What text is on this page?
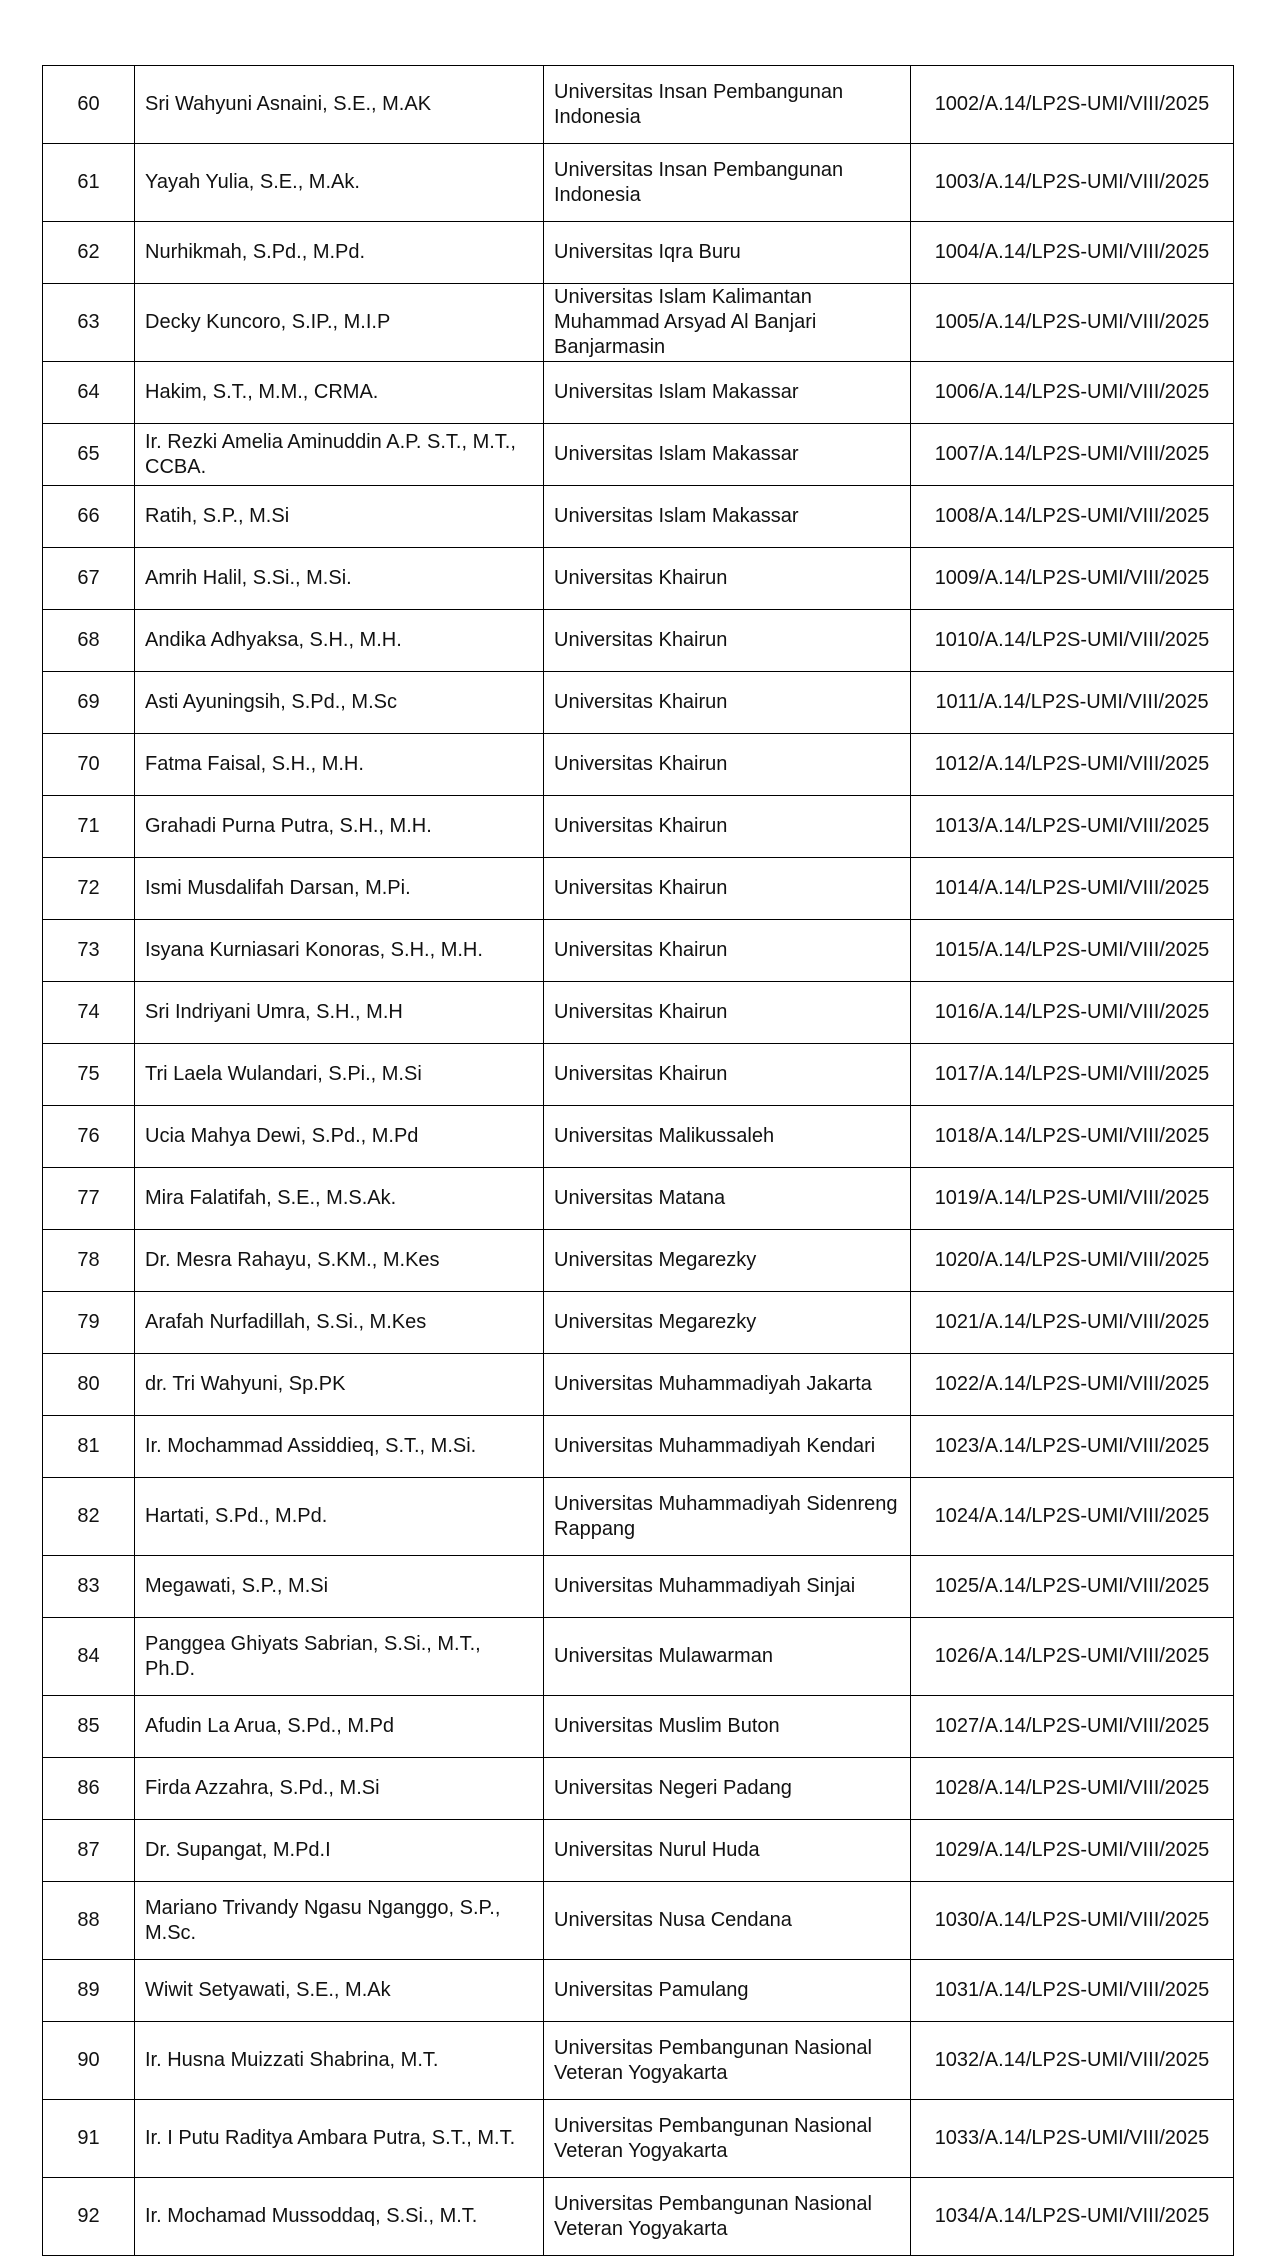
60	Sri Wahyuni Asnaini, S.E., M.AK	Universitas Insan Pembangunan Indonesia	1002/A.14/LP2S-UMI/VIII/2025
61	Yayah Yulia, S.E., M.Ak.	Universitas Insan Pembangunan Indonesia	1003/A.14/LP2S-UMI/VIII/2025
62	Nurhikmah, S.Pd., M.Pd.	Universitas Iqra Buru	1004/A.14/LP2S-UMI/VIII/2025
63	Decky Kuncoro, S.IP., M.I.P	Universitas Islam Kalimantan Muhammad Arsyad Al Banjari Banjarmasin	1005/A.14/LP2S-UMI/VIII/2025
64	Hakim, S.T., M.M., CRMA.	Universitas Islam Makassar	1006/A.14/LP2S-UMI/VIII/2025
65	Ir. Rezki Amelia Aminuddin A.P. S.T., M.T., CCBA.	Universitas Islam Makassar	1007/A.14/LP2S-UMI/VIII/2025
66	Ratih, S.P., M.Si	Universitas Islam Makassar	1008/A.14/LP2S-UMI/VIII/2025
67	Amrih Halil, S.Si., M.Si.	Universitas Khairun	1009/A.14/LP2S-UMI/VIII/2025
68	Andika Adhyaksa, S.H., M.H.	Universitas Khairun	1010/A.14/LP2S-UMI/VIII/2025
69	Asti Ayuningsih, S.Pd., M.Sc	Universitas Khairun	1011/A.14/LP2S-UMI/VIII/2025
70	Fatma Faisal, S.H., M.H.	Universitas Khairun	1012/A.14/LP2S-UMI/VIII/2025
71	Grahadi Purna Putra, S.H., M.H.	Universitas Khairun	1013/A.14/LP2S-UMI/VIII/2025
72	Ismi Musdalifah Darsan, M.Pi.	Universitas Khairun	1014/A.14/LP2S-UMI/VIII/2025
73	Isyana Kurniasari Konoras, S.H., M.H.	Universitas Khairun	1015/A.14/LP2S-UMI/VIII/2025
74	Sri Indriyani Umra, S.H., M.H	Universitas Khairun	1016/A.14/LP2S-UMI/VIII/2025
75	Tri Laela Wulandari, S.Pi., M.Si	Universitas Khairun	1017/A.14/LP2S-UMI/VIII/2025
76	Ucia Mahya Dewi, S.Pd., M.Pd	Universitas Malikussaleh	1018/A.14/LP2S-UMI/VIII/2025
77	Mira Falatifah, S.E., M.S.Ak.	Universitas Matana	1019/A.14/LP2S-UMI/VIII/2025
78	Dr. Mesra Rahayu, S.KM., M.Kes	Universitas Megarezky	1020/A.14/LP2S-UMI/VIII/2025
79	Arafah Nurfadillah, S.Si., M.Kes	Universitas Megarezky	1021/A.14/LP2S-UMI/VIII/2025
80	dr. Tri Wahyuni, Sp.PK	Universitas Muhammadiyah Jakarta	1022/A.14/LP2S-UMI/VIII/2025
81	Ir. Mochammad Assiddieq, S.T., M.Si.	Universitas Muhammadiyah Kendari	1023/A.14/LP2S-UMI/VIII/2025
82	Hartati, S.Pd., M.Pd.	Universitas Muhammadiyah Sidenreng Rappang	1024/A.14/LP2S-UMI/VIII/2025
83	Megawati, S.P., M.Si	Universitas Muhammadiyah Sinjai	1025/A.14/LP2S-UMI/VIII/2025
84	Panggea Ghiyats Sabrian, S.Si., M.T., Ph.D.	Universitas Mulawarman	1026/A.14/LP2S-UMI/VIII/2025
85	Afudin La Arua, S.Pd., M.Pd	Universitas Muslim Buton	1027/A.14/LP2S-UMI/VIII/2025
86	Firda Azzahra, S.Pd., M.Si	Universitas Negeri Padang	1028/A.14/LP2S-UMI/VIII/2025
87	Dr. Supangat, M.Pd.I	Universitas Nurul Huda	1029/A.14/LP2S-UMI/VIII/2025
88	Mariano Trivandy Ngasu Nganggo, S.P., M.Sc.	Universitas Nusa Cendana	1030/A.14/LP2S-UMI/VIII/2025
89	Wiwit Setyawati, S.E., M.Ak	Universitas Pamulang	1031/A.14/LP2S-UMI/VIII/2025
90	Ir. Husna Muizzati Shabrina, M.T.	Universitas Pembangunan Nasional Veteran Yogyakarta	1032/A.14/LP2S-UMI/VIII/2025
91	Ir. I Putu Raditya Ambara Putra, S.T., M.T.	Universitas Pembangunan Nasional Veteran Yogyakarta	1033/A.14/LP2S-UMI/VIII/2025
92	Ir. Mochamad Mussoddaq, S.Si., M.T.	Universitas Pembangunan Nasional Veteran Yogyakarta	1034/A.14/LP2S-UMI/VIII/2025
